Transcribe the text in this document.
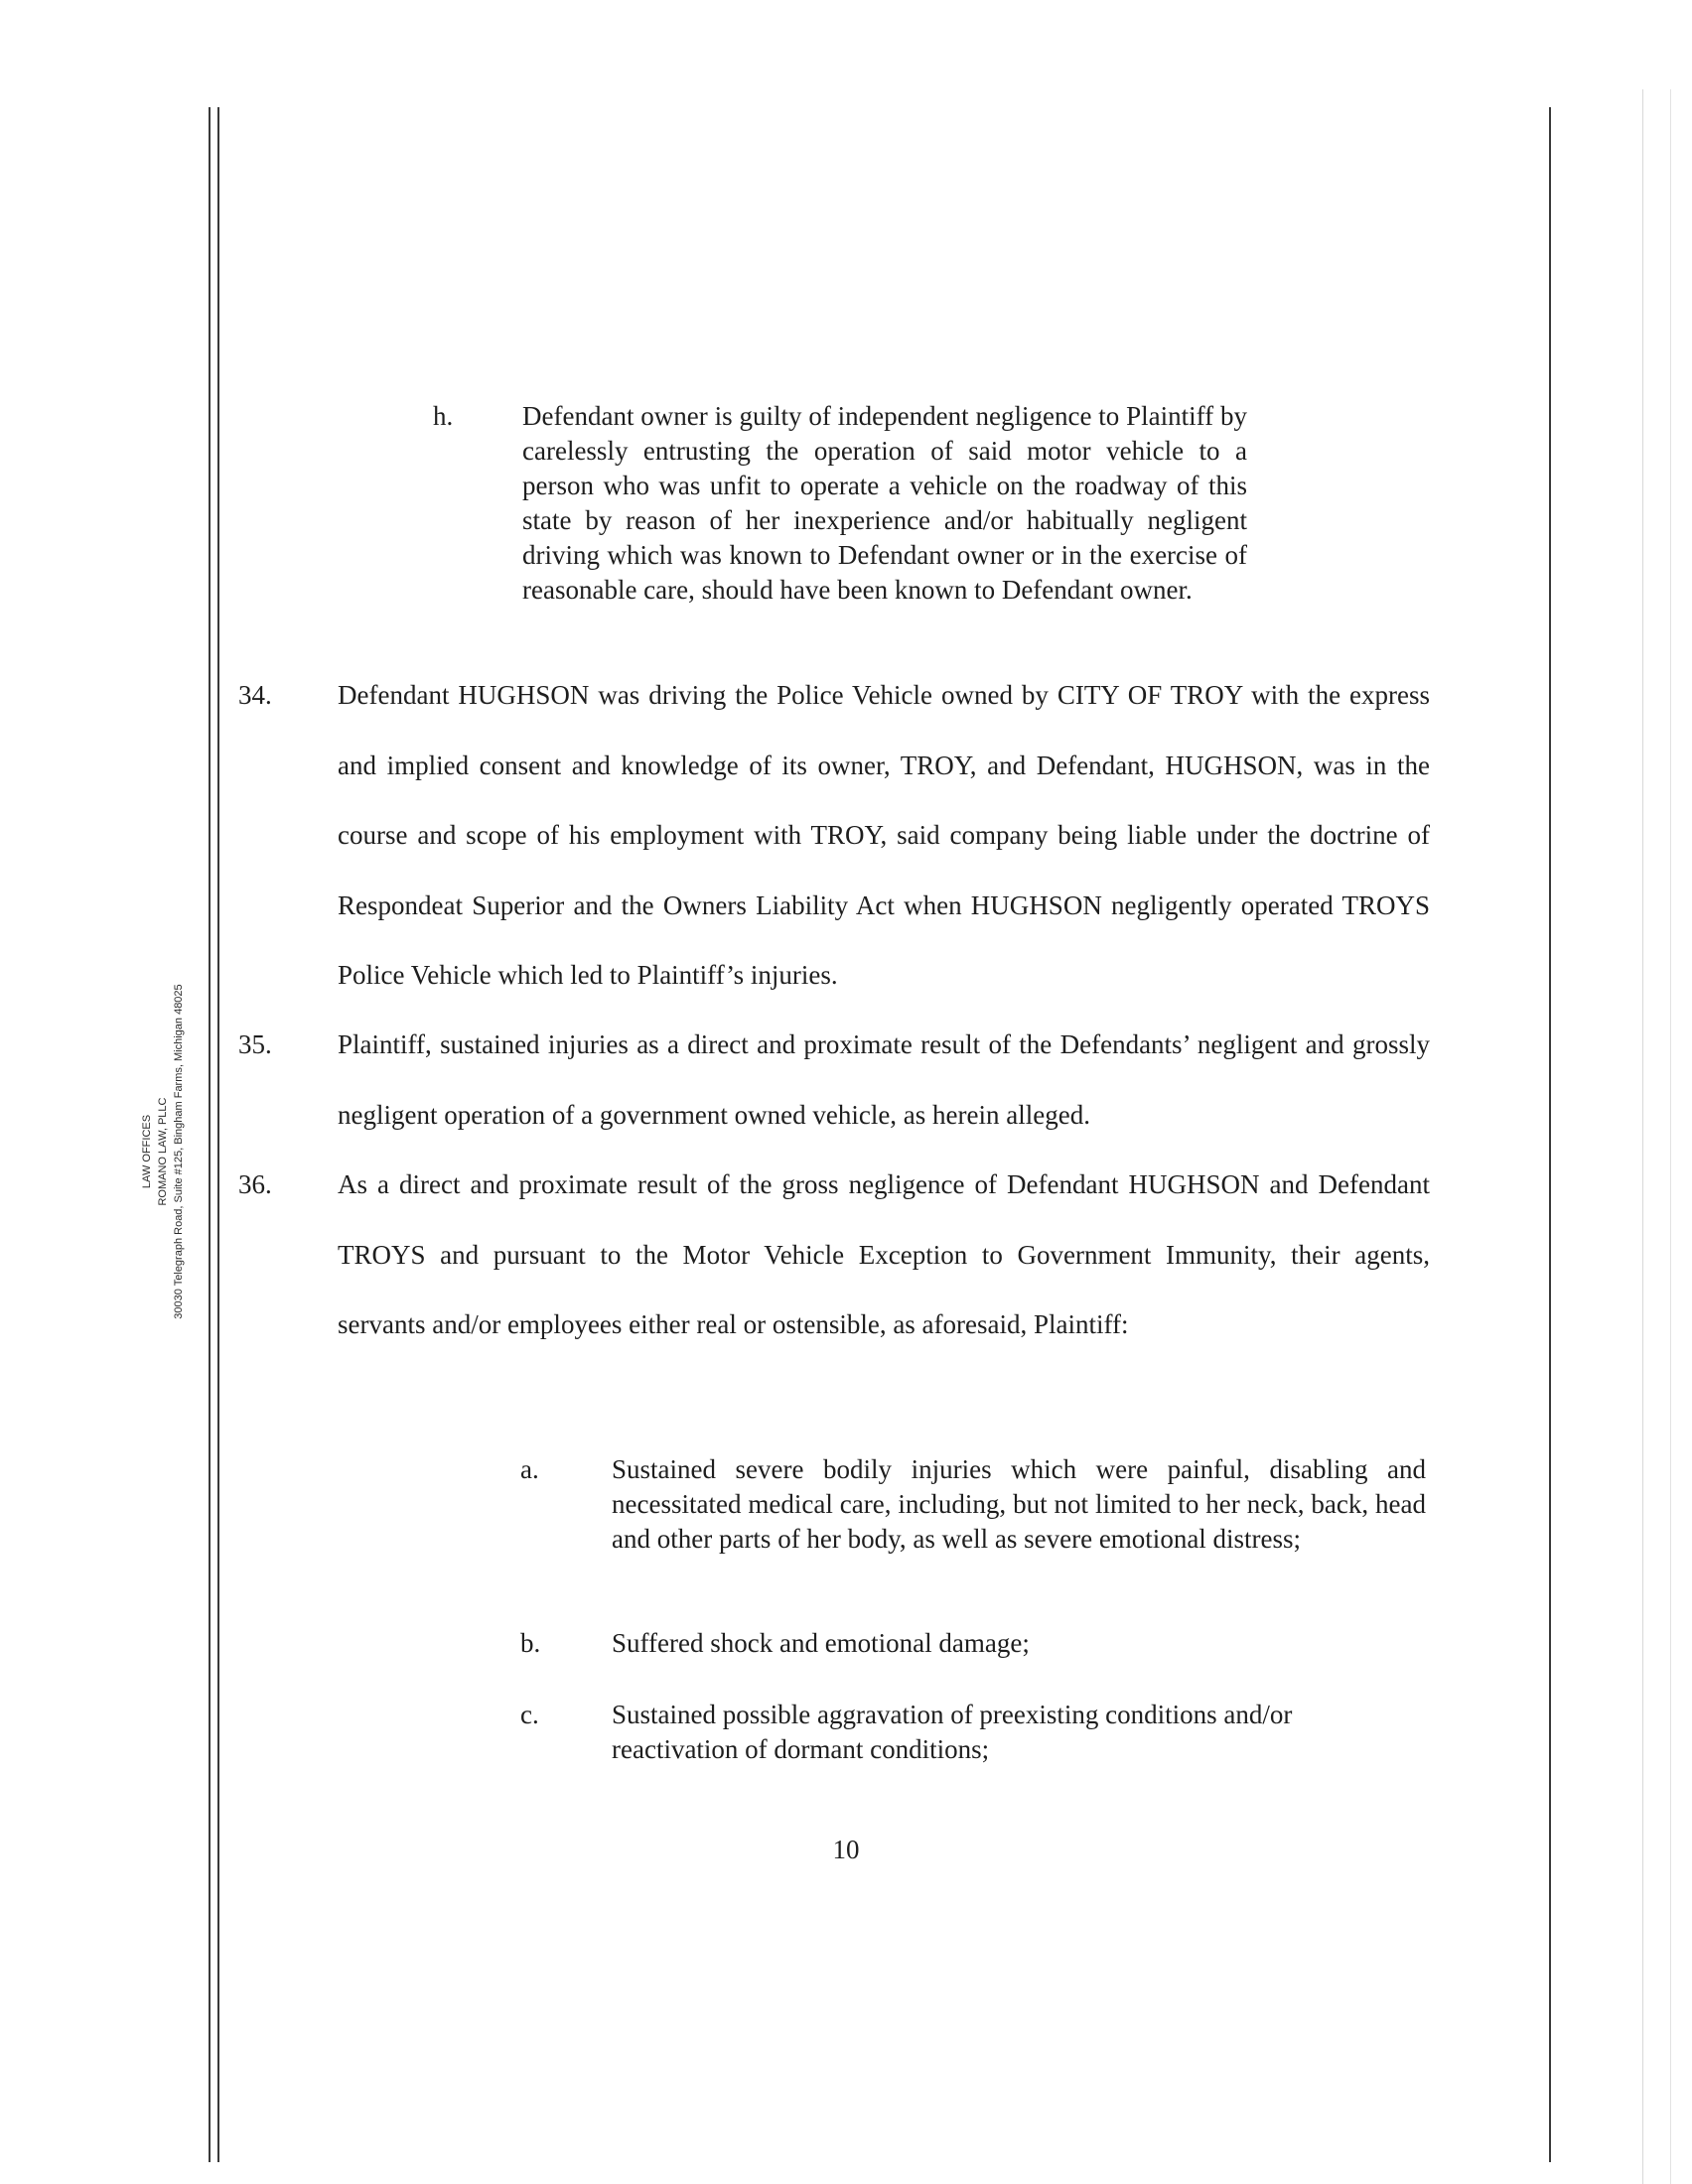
LAW OFFICES ROMANO LAW, PLLC 30030 Telegraph Road, Suite #125, Bingham Farms, Michigan 48025
h.	Defendant owner is guilty of independent negligence to Plaintiff by carelessly entrusting the operation of said motor vehicle to a person who was unfit to operate a vehicle on the roadway of this state by reason of her inexperience and/or habitually negligent driving which was known to Defendant owner or in the exercise of reasonable care, should have been known to Defendant owner.
34. Defendant HUGHSON was driving the Police Vehicle owned by CITY OF TROY with the express and implied consent and knowledge of its owner, TROY, and Defendant, HUGHSON, was in the course and scope of his employment with TROY, said company being liable under the doctrine of Respondeat Superior and the Owners Liability Act when HUGHSON negligently operated TROYS Police Vehicle which led to Plaintiff’s injuries.
35. Plaintiff, sustained injuries as a direct and proximate result of the Defendants’ negligent and grossly negligent operation of a government owned vehicle, as herein alleged.
36. As a direct and proximate result of the gross negligence of Defendant HUGHSON and Defendant TROYS and pursuant to the Motor Vehicle Exception to Government Immunity, their agents, servants and/or employees either real or ostensible, as aforesaid, Plaintiff:
a.	Sustained severe bodily injuries which were painful, disabling and necessitated medical care, including, but not limited to her neck, back, head and other parts of her body, as well as severe emotional distress;
b.	Suffered shock and emotional damage;
c.	Sustained possible aggravation of preexisting conditions and/or reactivation of dormant conditions;
10
